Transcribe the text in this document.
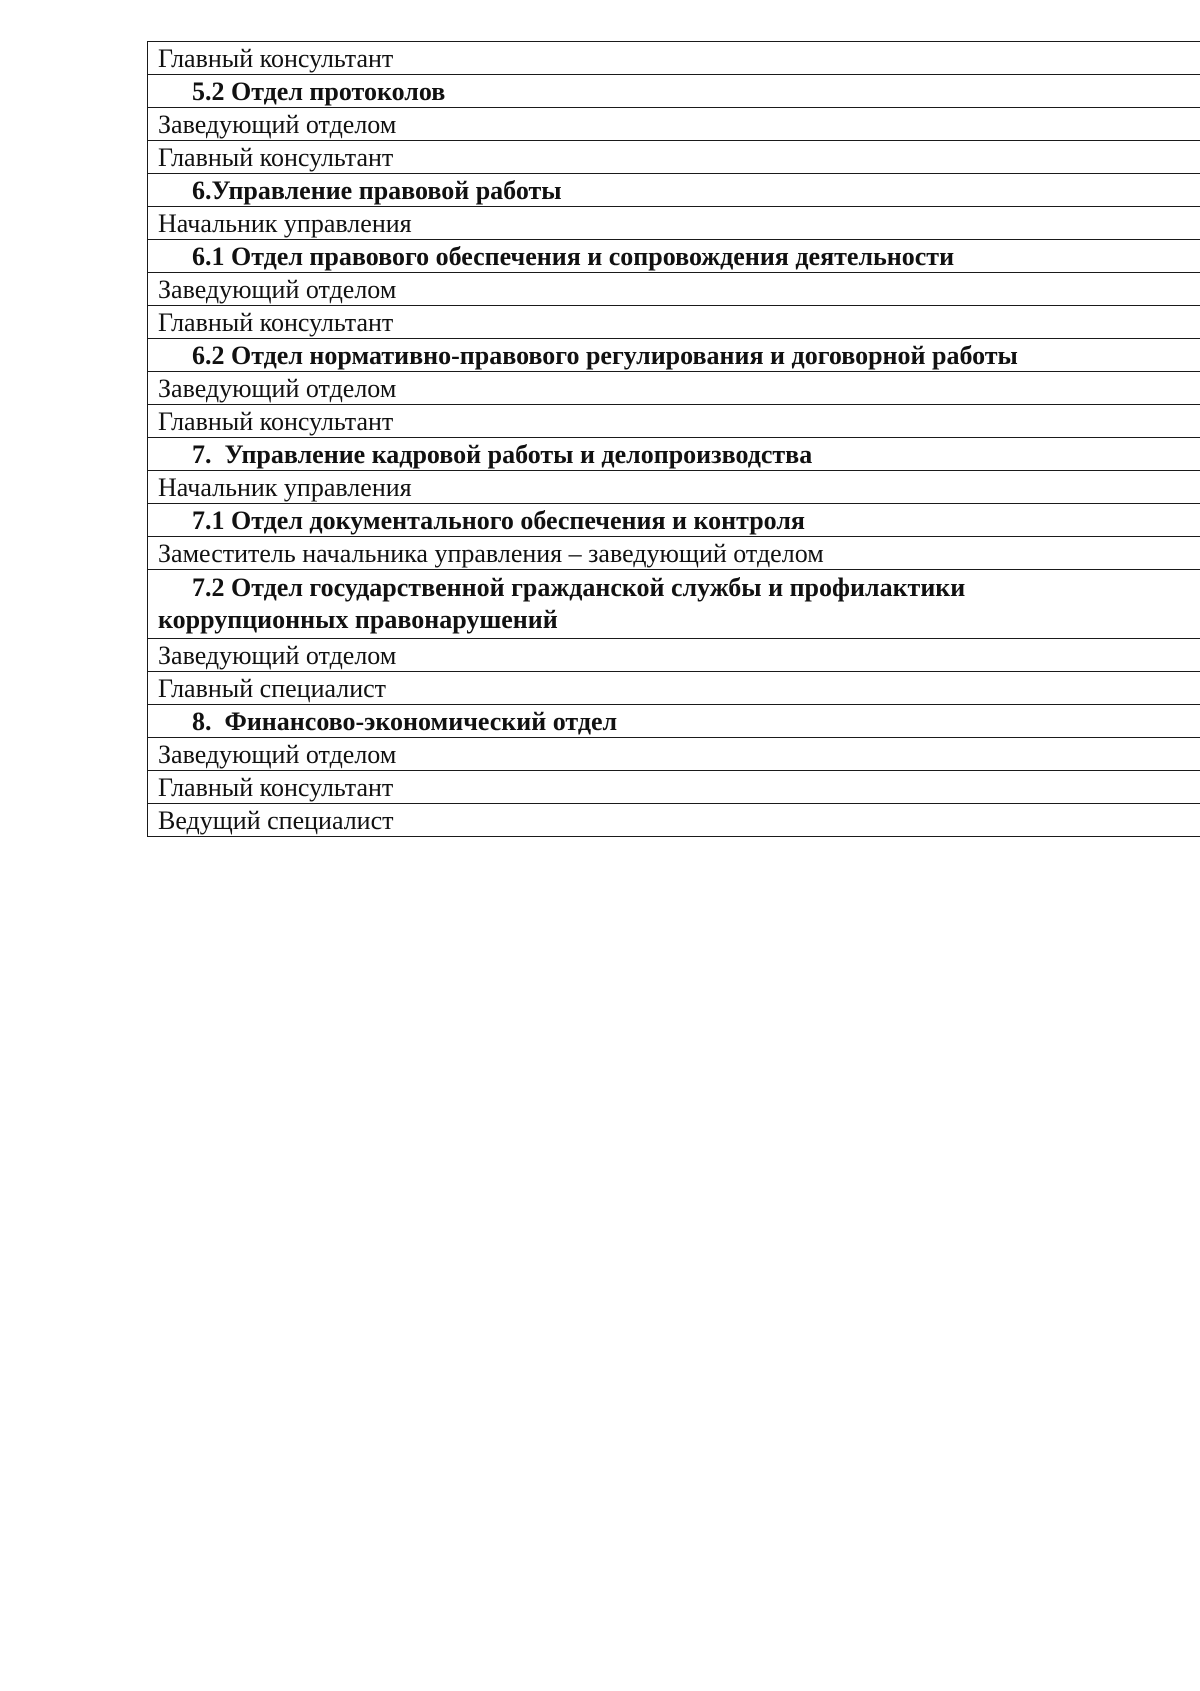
Главный консультант
5.2 Отдел протоколов
Заведующий отделом
Главный консультант
6.Управление правовой работы
Начальник управления
6.1 Отдел правового обеспечения и сопровождения деятельности
Заведующий отделом
Главный консультант
6.2 Отдел нормативно-правового регулирования и договорной работы
Заведующий отделом
Главный консультант
7.  Управление кадровой работы и делопроизводства
Начальник управления
7.1 Отдел документального обеспечения и контроля
Заместитель начальника управления – заведующий отделом

7.2 Отдел государственной гражданской службы и профилактики
коррупционных правонарушений

Заведующий отделом
Главный специалист
8.  Финансово-экономический отдел
Заведующий отделом
Главный консультант
Ведущий специалист
